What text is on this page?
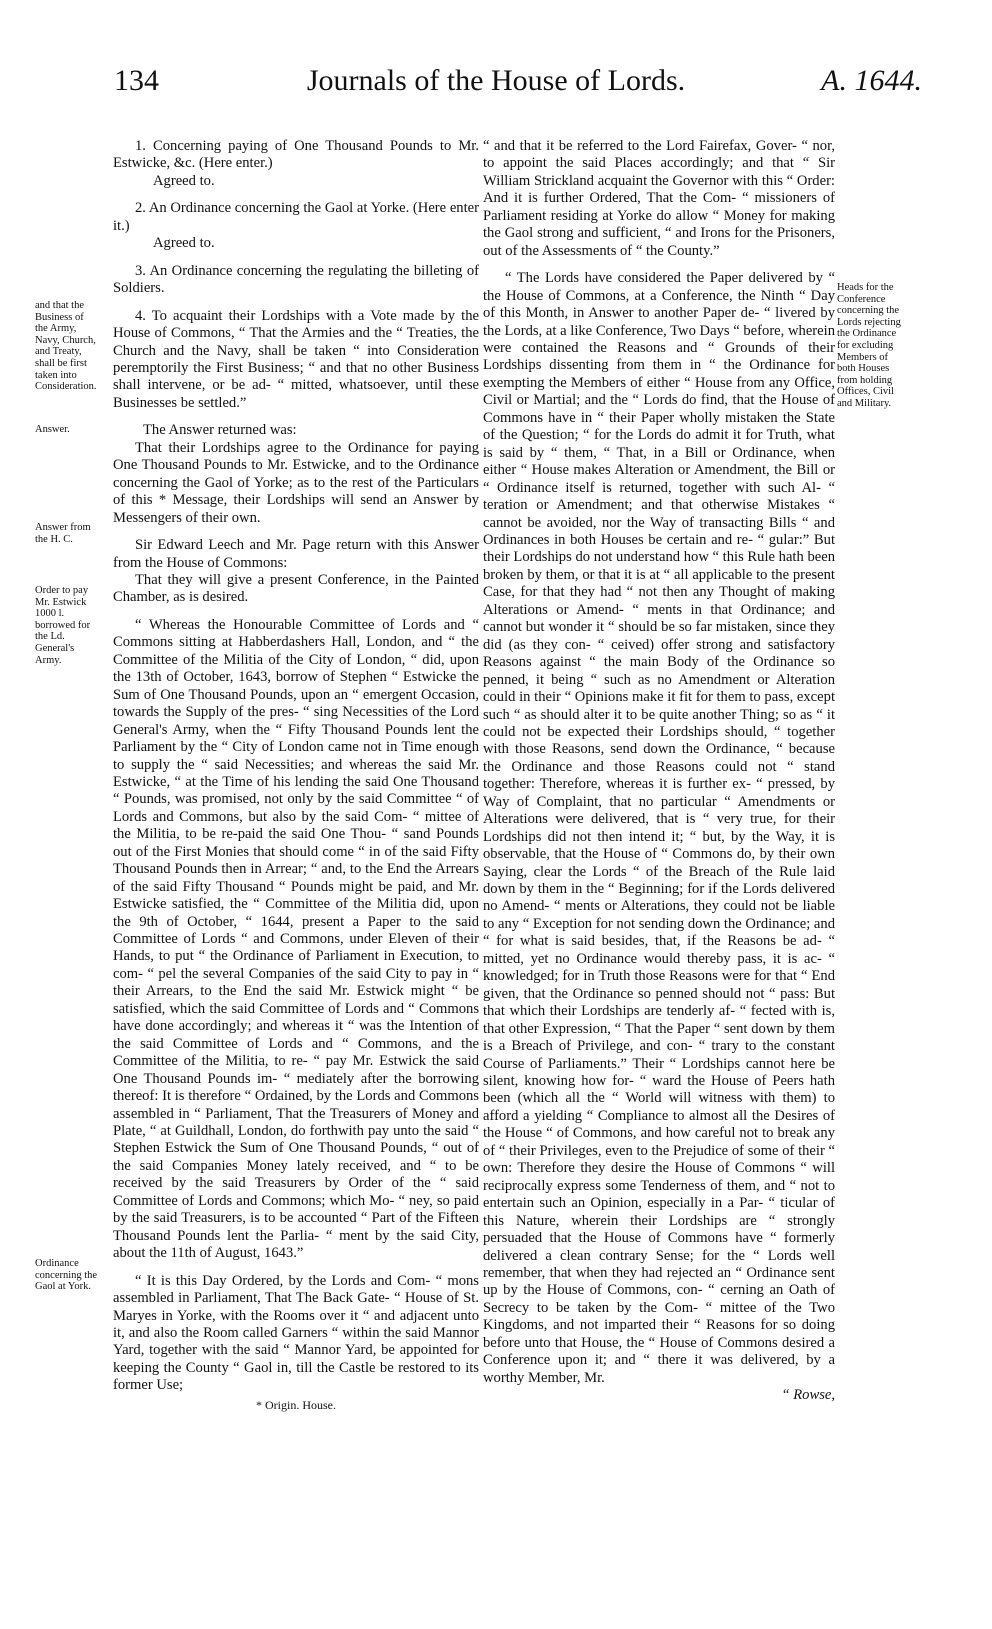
134	Journals of the House of Lords.	A. 1644.

1. Concerning paying of One Thousand Pounds to Mr. Estwicke, &c. (Here enter.)

Agreed to.

2. An Ordinance concerning the Gaol at Yorke. (Here enter it.)

Agreed to.

3. An Ordinance concerning the regulating the billeting of Soldiers.

4. To acquaint their Lordships with a Vote made by the House of Commons, “ That the Armies and the “ Treaties, the Church and the Navy, shall be taken “ into Consideration peremptorily the First Business; “ and that no other Business shall intervene, or be ad- “ mitted, whatsoever, until these Businesses be settled.”

The Answer returned was:

That their Lordships agree to the Ordinance for paying One Thousand Pounds to Mr. Estwicke, and to the Ordinance concerning the Gaol of Yorke; as to the rest of the Particulars of this * Message, their Lordships will send an Answer by Messengers of their own.

Sir Edward Leech and Mr. Page return with this Answer from the House of Commons:

That they will give a present Conference, in the Painted Chamber, as is desired.

“ Whereas the Honourable Committee of Lords and “ Commons sitting at Habberdashers Hall, London, and “ the Committee of the Militia of the City of London, “ did, upon the 13th of October, 1643, borrow of Stephen “ Estwicke the Sum of One Thousand Pounds, upon an “ emergent Occasion, towards the Supply of the pres- “ sing Necessities of the Lord General's Army, when the “ Fifty Thousand Pounds lent the Parliament by the “ City of London came not in Time enough to supply the “ said Necessities; and whereas the said Mr. Estwicke, “ at the Time of his lending the said One Thousand “ Pounds, was promised, not only by the said Committee “ of Lords and Commons, but also by the said Com- “ mittee of the Militia, to be re-paid the said One Thou- “ sand Pounds out of the First Monies that should come “ in of the said Fifty Thousand Pounds then in Arrear; “ and, to the End the Arrears of the said Fifty Thousand “ Pounds might be paid, and Mr. Estwicke satisfied, the “ Committee of the Militia did, upon the 9th of October, “ 1644, present a Paper to the said Committee of Lords “ and Commons, under Eleven of their Hands, to put “ the Ordinance of Parliament in Execution, to com- “ pel the several Companies of the said City to pay in “ their Arrears, to the End the said Mr. Estwick might “ be satisfied, which the said Committee of Lords and “ Commons have done accordingly; and whereas it “ was the Intention of the said Committee of Lords and “ Commons, and the Committee of the Militia, to re- “ pay Mr. Estwick the said One Thousand Pounds im- “ mediately after the borrowing thereof: It is therefore “ Ordained, by the Lords and Commons assembled in “ Parliament, That the Treasurers of Money and Plate, “ at Guildhall, London, do forthwith pay unto the said “ Stephen Estwick the Sum of One Thousand Pounds, “ out of the said Companies Money lately received, and “ to be received by the said Treasurers by Order of the “ said Committee of Lords and Commons; which Mo- “ ney, so paid by the said Treasurers, is to be accounted “ Part of the Fifteen Thousand Pounds lent the Parlia- “ ment by the said City, about the 11th of August, 1643.”

“ It is this Day Ordered, by the Lords and Com- “ mons assembled in Parliament, That The Back Gate- “ House of St. Maryes in Yorke, with the Rooms over it “ and adjacent unto it, and also the Room called Garners “ within the said Mannor Yard, together with the said “ Mannor Yard, be appointed for keeping the County “ Gaol in, till the Castle be restored to its former Use;

* Origin. House.

“ and that it be referred to the Lord Fairefax, Gover- “ nor, to appoint the said Places accordingly; and that “ Sir William Strickland acquaint the Governor with this “ Order: And it is further Ordered, That the Com- “ missioners of Parliament residing at Yorke do allow “ Money for making the Gaol strong and sufficient, “ and Irons for the Prisoners, out of the Assessments of “ the County.”

“ The Lords have considered the Paper delivered by “ the House of Commons, at a Conference, the Ninth “ Day of this Month, in Answer to another Paper de- “ livered by the Lords, at a like Conference, Two Days “ before, wherein were contained the Reasons and “ Grounds of their Lordships dissenting from them in “ the Ordinance for exempting the Members of either “ House from any Office, Civil or Martial; and the “ Lords do find, that the House of Commons have in “ their Paper wholly mistaken the State of the Question; “ for the Lords do admit it for Truth, what is said by “ them, “ That, in a Bill or Ordinance, when either “ House makes Alteration or Amendment, the Bill or “ Ordinance itself is returned, together with such Al- “ teration or Amendment; and that otherwise Mistakes “ cannot be avoided, nor the Way of transacting Bills “ and Ordinances in both Houses be certain and re- “ gular:” But their Lordships do not understand how “ this Rule hath been broken by them, or that it is at “ all applicable to the present Case, for that they had “ not then any Thought of making Alterations or Amend- “ ments in that Ordinance; and cannot but wonder it “ should be so far mistaken, since they did (as they con- “ ceived) offer strong and satisfactory Reasons against “ the main Body of the Ordinance so penned, it being “ such as no Amendment or Alteration could in their “ Opinions make it fit for them to pass, except such “ as should alter it to be quite another Thing; so as “ it could not be expected their Lordships should, “ together with those Reasons, send down the Ordinance, “ because the Ordinance and those Reasons could not “ stand together: Therefore, whereas it is further ex- “ pressed, by Way of Complaint, that no particular “ Amendments or Alterations were delivered, that is “ very true, for their Lordships did not then intend it; “ but, by the Way, it is observable, that the House of “ Commons do, by their own Saying, clear the Lords “ of the Breach of the Rule laid down by them in the “ Beginning; for if the Lords delivered no Amend- “ ments or Alterations, they could not be liable to any “ Exception for not sending down the Ordinance; and “ for what is said besides, that, if the Reasons be ad- “ mitted, yet no Ordinance would thereby pass, it is ac- “ knowledged; for in Truth those Reasons were for that “ End given, that the Ordinance so penned should not “ pass: But that which their Lordships are tenderly af- “ fected with is, that other Expression, “ That the Paper “ sent down by them is a Breach of Privilege, and con- “ trary to the constant Course of Parliaments.” Their “ Lordships cannot here be silent, knowing how for- “ ward the House of Peers hath been (which all the “ World will witness with them) to afford a yielding “ Compliance to almost all the Desires of the House “ of Commons, and how careful not to break any of “ their Privileges, even to the Prejudice of some of their “ own: Therefore they desire the House of Commons “ will reciprocally express some Tenderness of them, and “ not to entertain such an Opinion, especially in a Par- “ ticular of this Nature, wherein their Lordships are “ strongly persuaded that the House of Commons have “ formerly delivered a clean contrary Sense; for the “ Lords well remember, that when they had rejected an “ Ordinance sent up by the House of Commons, con- “ cerning an Oath of Secrecy to be taken by the Com- “ mittee of the Two Kingdoms, and not imparted their “ Reasons for so doing before unto that House, the “ House of Commons desired a Conference upon it; and “ there it was delivered, by a worthy Member, Mr.

“ Rowse,

and that the Business of the Army, Navy, Church, and Treaty, shall be first taken into Consideration.
Answer.
Answer from the H. C.
Order to pay Mr. Estwick 1000 l. borrowed for the Ld. General's Army.
Ordinance concerning the Gaol at York.
Heads for the Conference concerning the Lords rejecting the Ordinance for excluding Members of both Houses from holding Offices, Civil and Military.
